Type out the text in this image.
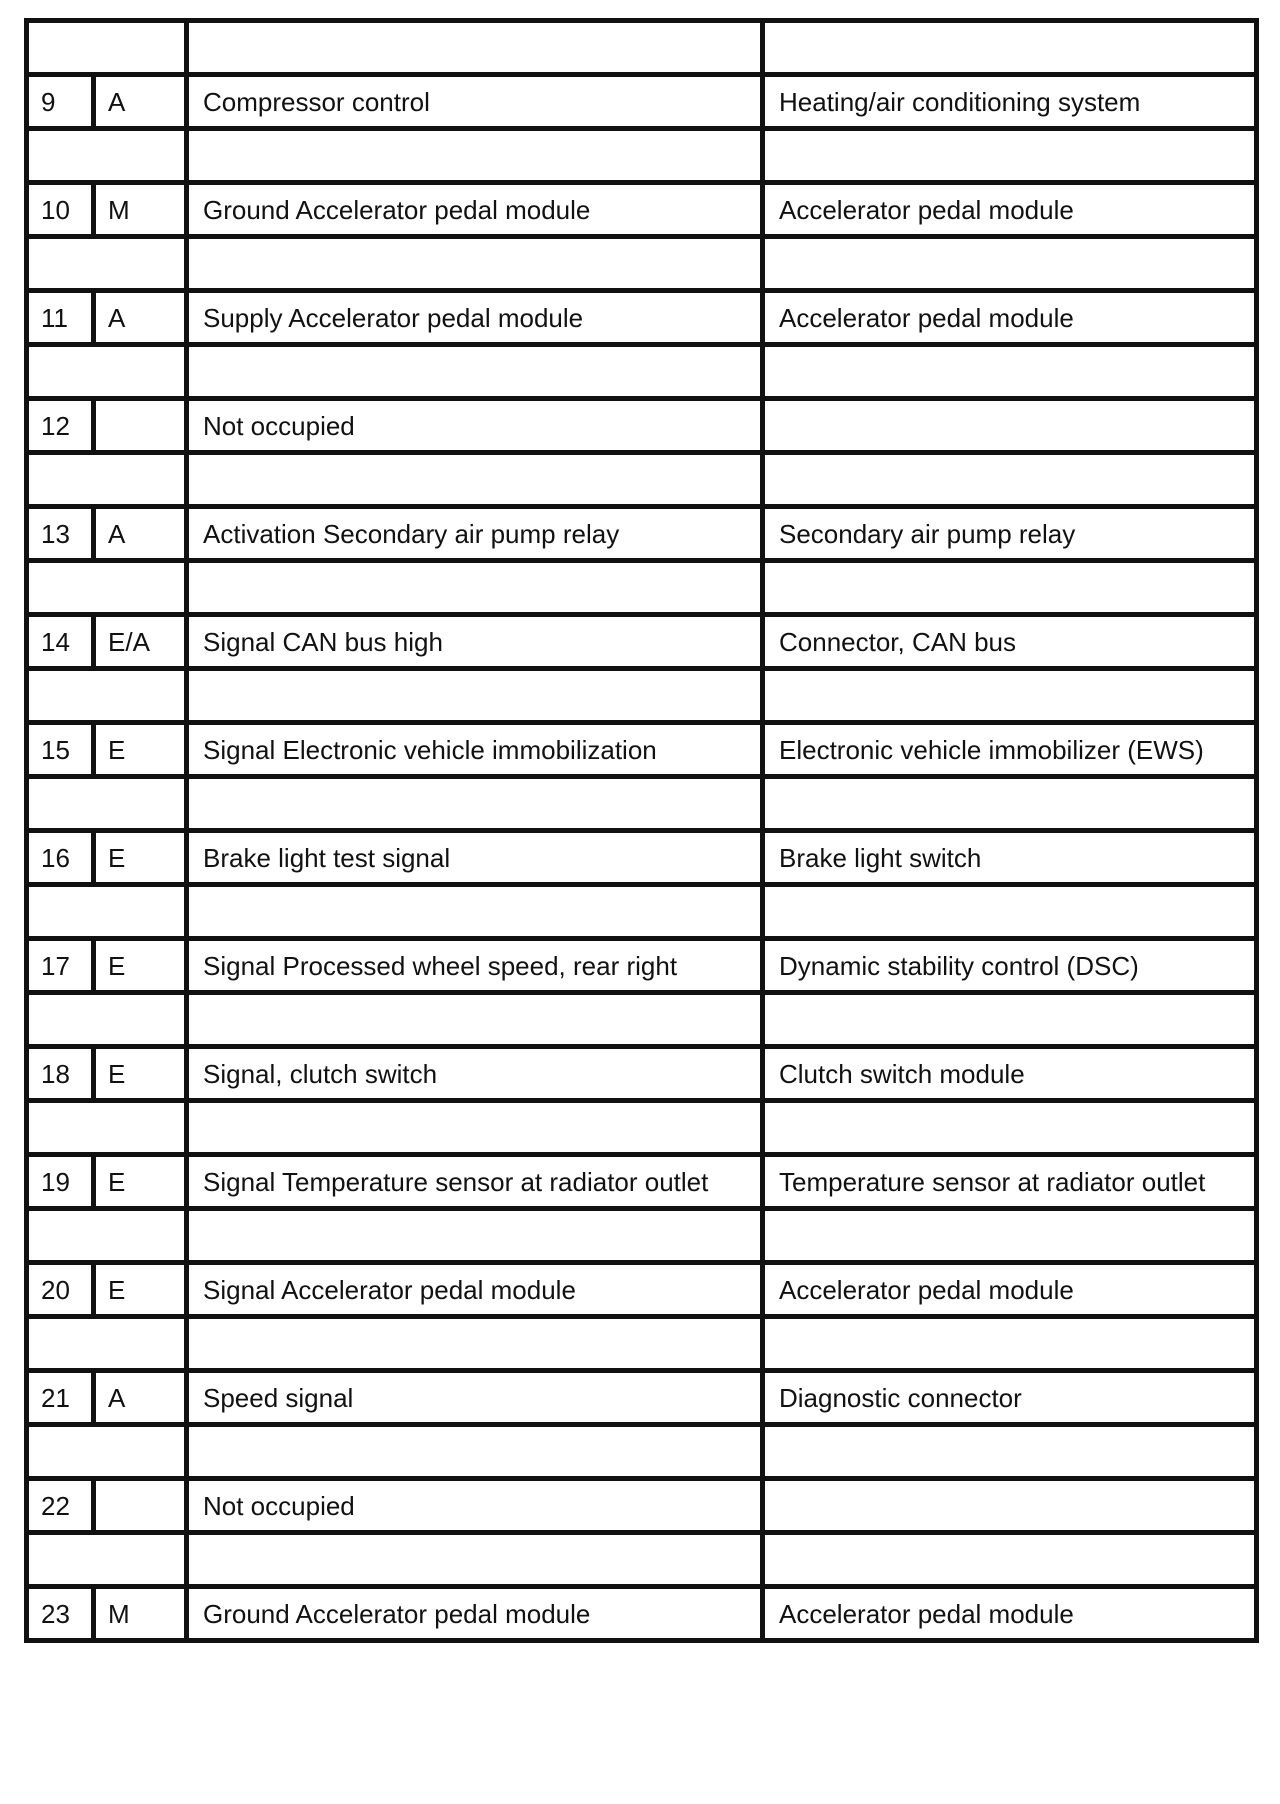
9	A	Compressor control	Heating/air conditioning system

10	M	Ground Accelerator pedal module	Accelerator pedal module

11	A	Supply Accelerator pedal module	Accelerator pedal module

12		Not occupied	

13	A	Activation Secondary air pump relay	Secondary air pump relay

14	E/A	Signal CAN bus high	Connector, CAN bus

15	E	Signal Electronic vehicle immobilization	Electronic vehicle immobilizer (EWS)

16	E	Brake light test signal	Brake light switch

17	E	Signal Processed wheel speed, rear right	Dynamic stability control (DSC)

18	E	Signal, clutch switch	Clutch switch module

19	E	Signal Temperature sensor at radiator outlet	Temperature sensor at radiator outlet

20	E	Signal Accelerator pedal module	Accelerator pedal module

21	A	Speed signal	Diagnostic connector

22		Not occupied	

23	M	Ground Accelerator pedal module	Accelerator pedal module
